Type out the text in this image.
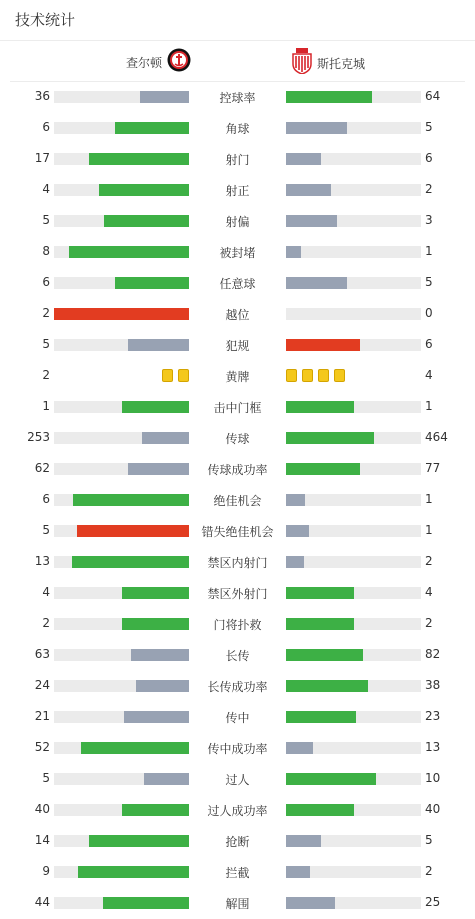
技术统计
查尔顿	斯托克城
36	控球率	64
6	角球	5
17	射门	6
4	射正	2
5	射偏	3
8	被封堵	1
6	任意球	5
2	越位	0
5	犯规	6
2	黄牌	4
1	击中门框	1
253	传球	464
62	传球成功率	77
6	绝佳机会	1
5	错失绝佳机会	1
13	禁区内射门	2
4	禁区外射门	4
2	门将扑救	2
63	长传	82
24	长传成功率	38
21	传中	23
52	传中成功率	13
5	过人	10
40	过人成功率	40
14	抢断	5
9	拦截	2
44	解围	25
